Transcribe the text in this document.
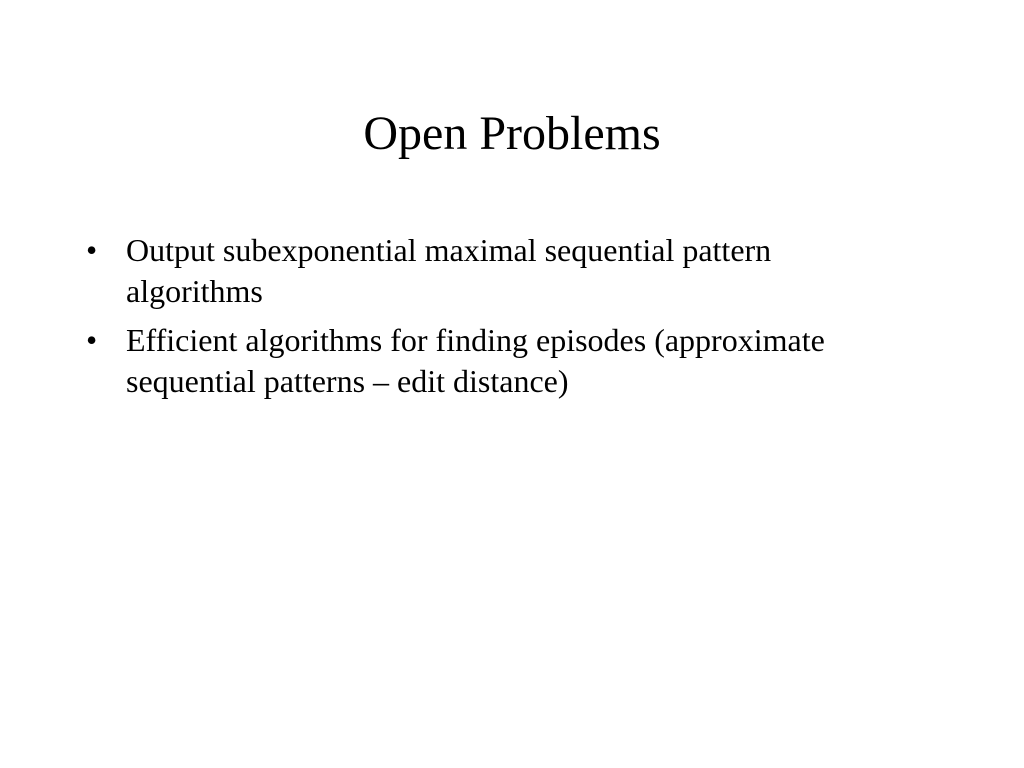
Open Problems
• Output subexponential maximal sequential pattern algorithms
• Efficient algorithms for finding episodes (approximate sequential patterns – edit distance)
